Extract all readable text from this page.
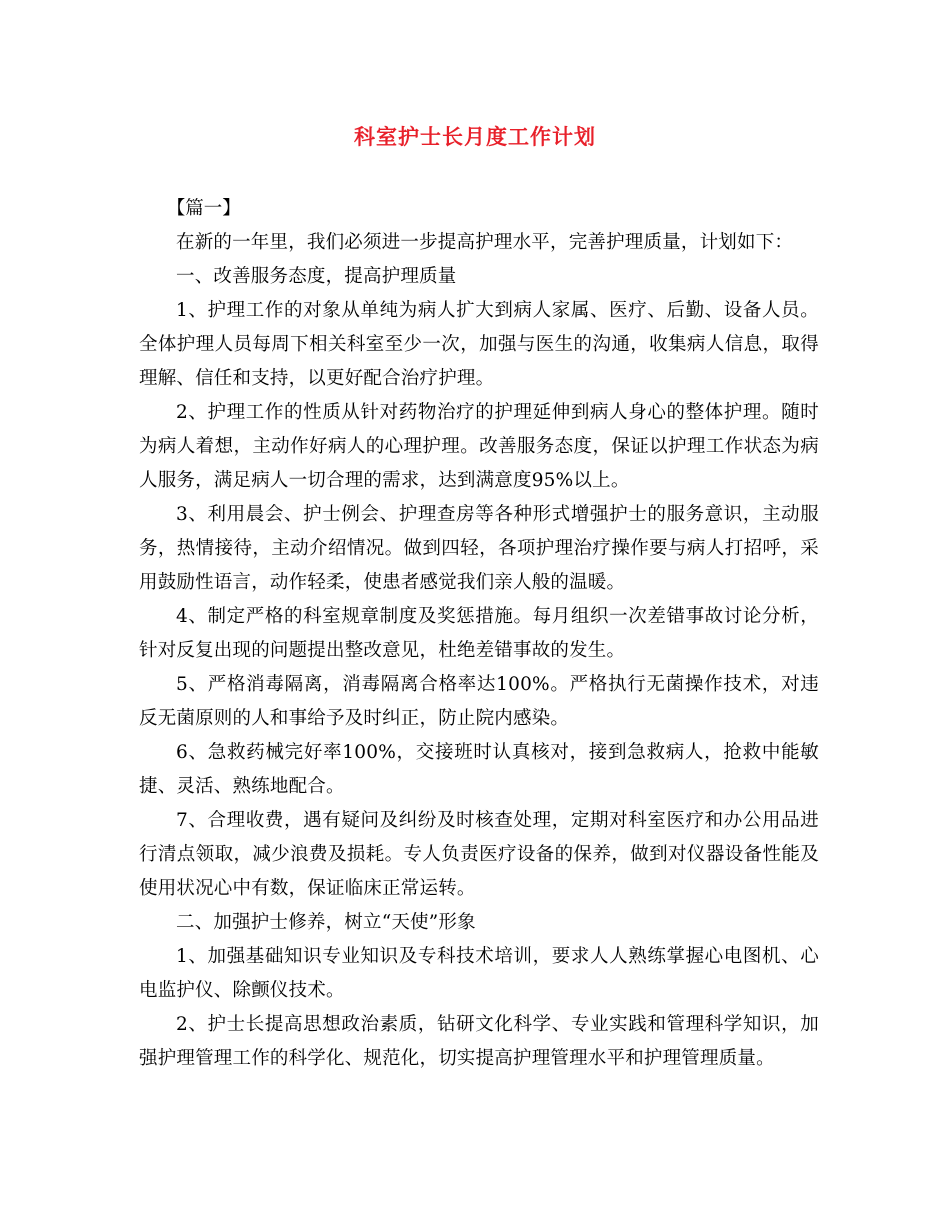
科室护士长月度工作计划

【篇一】

在新的一年里，我们必须进一步提高护理水平，完善护理质量，计划如下：

一、改善服务态度，提高护理质量

1、护理工作的对象从单纯为病人扩大到病人家属、医疗、后勤、设备人员。全体护理人员每周下相关科室至少一次，加强与医生的沟通，收集病人信息，取得理解、信任和支持，以更好配合治疗护理。

2、护理工作的性质从针对药物治疗的护理延伸到病人身心的整体护理。随时为病人着想，主动作好病人的心理护理。改善服务态度，保证以护理工作状态为病人服务，满足病人一切合理的需求，达到满意度95%以上。

3、利用晨会、护士例会、护理查房等各种形式增强护士的服务意识，主动服务，热情接待，主动介绍情况。做到四轻，各项护理治疗操作要与病人打招呼，采用鼓励性语言，动作轻柔，使患者感觉我们亲人般的温暖。

4、制定严格的科室规章制度及奖惩措施。每月组织一次差错事故讨论分析，针对反复出现的问题提出整改意见，杜绝差错事故的发生。

5、严格消毒隔离，消毒隔离合格率达100%。严格执行无菌操作技术，对违反无菌原则的人和事给予及时纠正，防止院内感染。

6、急救药械完好率100%，交接班时认真核对，接到急救病人，抢救中能敏捷、灵活、熟练地配合。

7、合理收费，遇有疑问及纠纷及时核查处理，定期对科室医疗和办公用品进行清点领取，减少浪费及损耗。专人负责医疗设备的保养，做到对仪器设备性能及使用状况心中有数，保证临床正常运转。

二、加强护士修养，树立“天使”形象

1、加强基础知识专业知识及专科技术培训，要求人人熟练掌握心电图机、心电监护仪、除颤仪技术。

2、护士长提高思想政治素质，钻研文化科学、专业实践和管理科学知识，加强护理管理工作的科学化、规范化，切实提高护理管理水平和护理管理质量。
